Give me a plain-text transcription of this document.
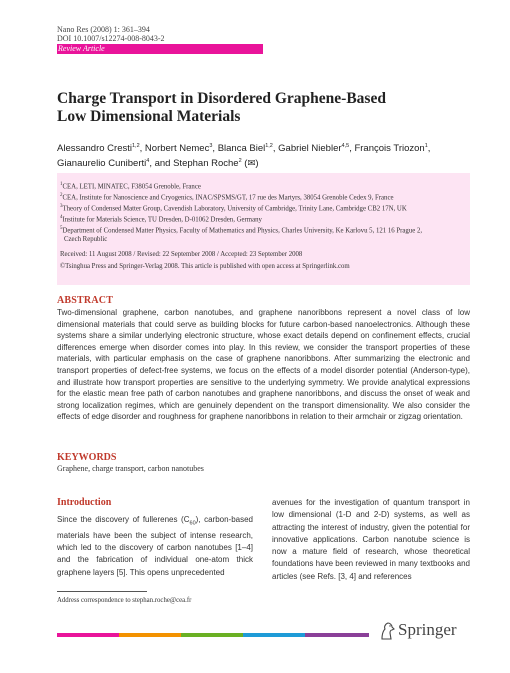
Nano Res (2008) 1: 361–394
DOI 10.1007/s12274-008-8043-2
Review Article
Charge Transport in Disordered Graphene-Based
Low Dimensional Materials
Alessandro Cresti$^{1,2}$, Norbert Nemec$^3$, Blanca Biel$^{1,2}$, Gabriel Niebler$^{4,5}$, François Triozon$^1$, Gianaurelio Cuniberti$^4$, and Stephan Roche$^2$ (✉)
$^1$CEA, LETI, MINATEC, F38054 Grenoble, France
$^2$CEA, Institute for Nanoscience and Cryogenics, INAC/SPSMS/GT, 17 rue des Martyrs, 38054 Grenoble Cedex 9, France
$^3$Theory of Condensed Matter Group, Cavendish Laboratory, University of Cambridge, Trinity Lane, Cambridge CB2 17N, UK
$^4$Institute for Materials Science, TU Dresden, D-01062 Dresden, Germany
$^5$Department of Condensed Matter Physics, Faculty of Mathematics and Physics, Charles University, Ke Karlovu 5, 121 16 Prague 2,
Czech Republic
Received: 11 August 2008 / Revised: 22 September 2008 / Accepted: 23 September 2008
©Tsinghua Press and Springer-Verlag 2008. This article is published with open access at Springerlink.com
ABSTRACT
Two-dimensional graphene, carbon nanotubes, and graphene nanoribbons represent a novel class of low dimensional materials that could serve as building blocks for future carbon-based nanoelectronics. Although these systems share a similar underlying electronic structure, whose exact details depend on confinement effects, crucial differences emerge when disorder comes into play. In this review, we consider the transport properties of these materials, with particular emphasis on the case of graphene nanoribbons. After summarizing the electronic and transport properties of defect-free systems, we focus on the effects of a model disorder potential (Anderson-type), and illustrate how transport properties are sensitive to the underlying symmetry. We provide analytical expressions for the elastic mean free path of carbon nanotubes and graphene nanoribbons, and discuss the onset of weak and strong localization regimes, which are genuinely dependent on the transport dimensionality. We also consider the effects of edge disorder and roughness for graphene nanoribbons in relation to their armchair or zigzag orientation.
KEYWORDS
Graphene, charge transport, carbon nanotubes
Introduction
Since the discovery of fullerenes $(C_{60})$, carbon-based materials have been the subject of intense research, which led to the discovery of carbon nanotubes [1–4] and the fabrication of individual one-atom thick graphene layers [5]. This opens unprecedented
avenues for the investigation of quantum transport in low dimensional (1-D and 2-D) systems, as well as attracting the interest of industry, given the potential for innovative applications. Carbon nanotube science is now a mature field of research, whose theoretical foundations have been reviewed in many textbooks and articles (see Refs. [3, 4] and references
Address correspondence to stephan.roche@cea.fr
Springer
